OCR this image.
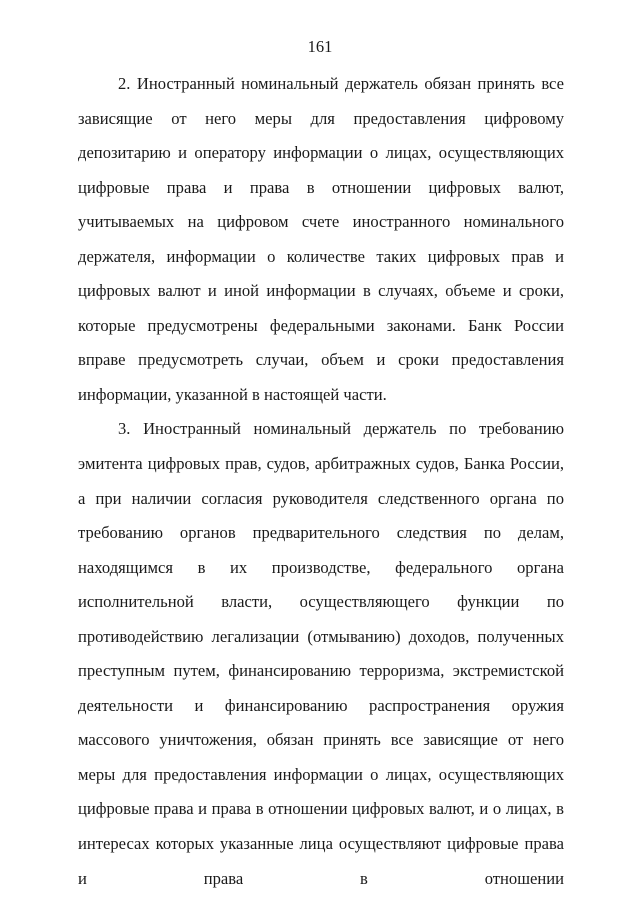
161

2. Иностранный номинальный держатель обязан принять все зависящие от него меры для предоставления цифровому депозитарию и оператору информации о лицах, осуществляющих цифровые права и права в отношении цифровых валют, учитываемых на цифровом счете иностранного номинального держателя, информации о количестве таких цифровых прав и цифровых валют и иной информации в случаях, объеме и сроки, которые предусмотрены федеральными законами. Банк России вправе предусмотреть случаи, объем и сроки предоставления информации, указанной в настоящей части.

3. Иностранный номинальный держатель по требованию эмитента цифровых прав, судов, арбитражных судов, Банка России, а при наличии согласия руководителя следственного органа по требованию органов предварительного следствия по делам, находящимся в их производстве, федерального органа исполнительной власти, осуществляющего функции по противодействию легализации (отмыванию) доходов, полученных преступным путем, финансированию терроризма, экстремистской деятельности и финансированию распространения оружия массового уничтожения, обязан принять все зависящие от него меры для предоставления информации о лицах, осуществляющих цифровые права и права в отношении цифровых валют, и о лицах, в интересах которых указанные лица осуществляют цифровые права и права в отношении
